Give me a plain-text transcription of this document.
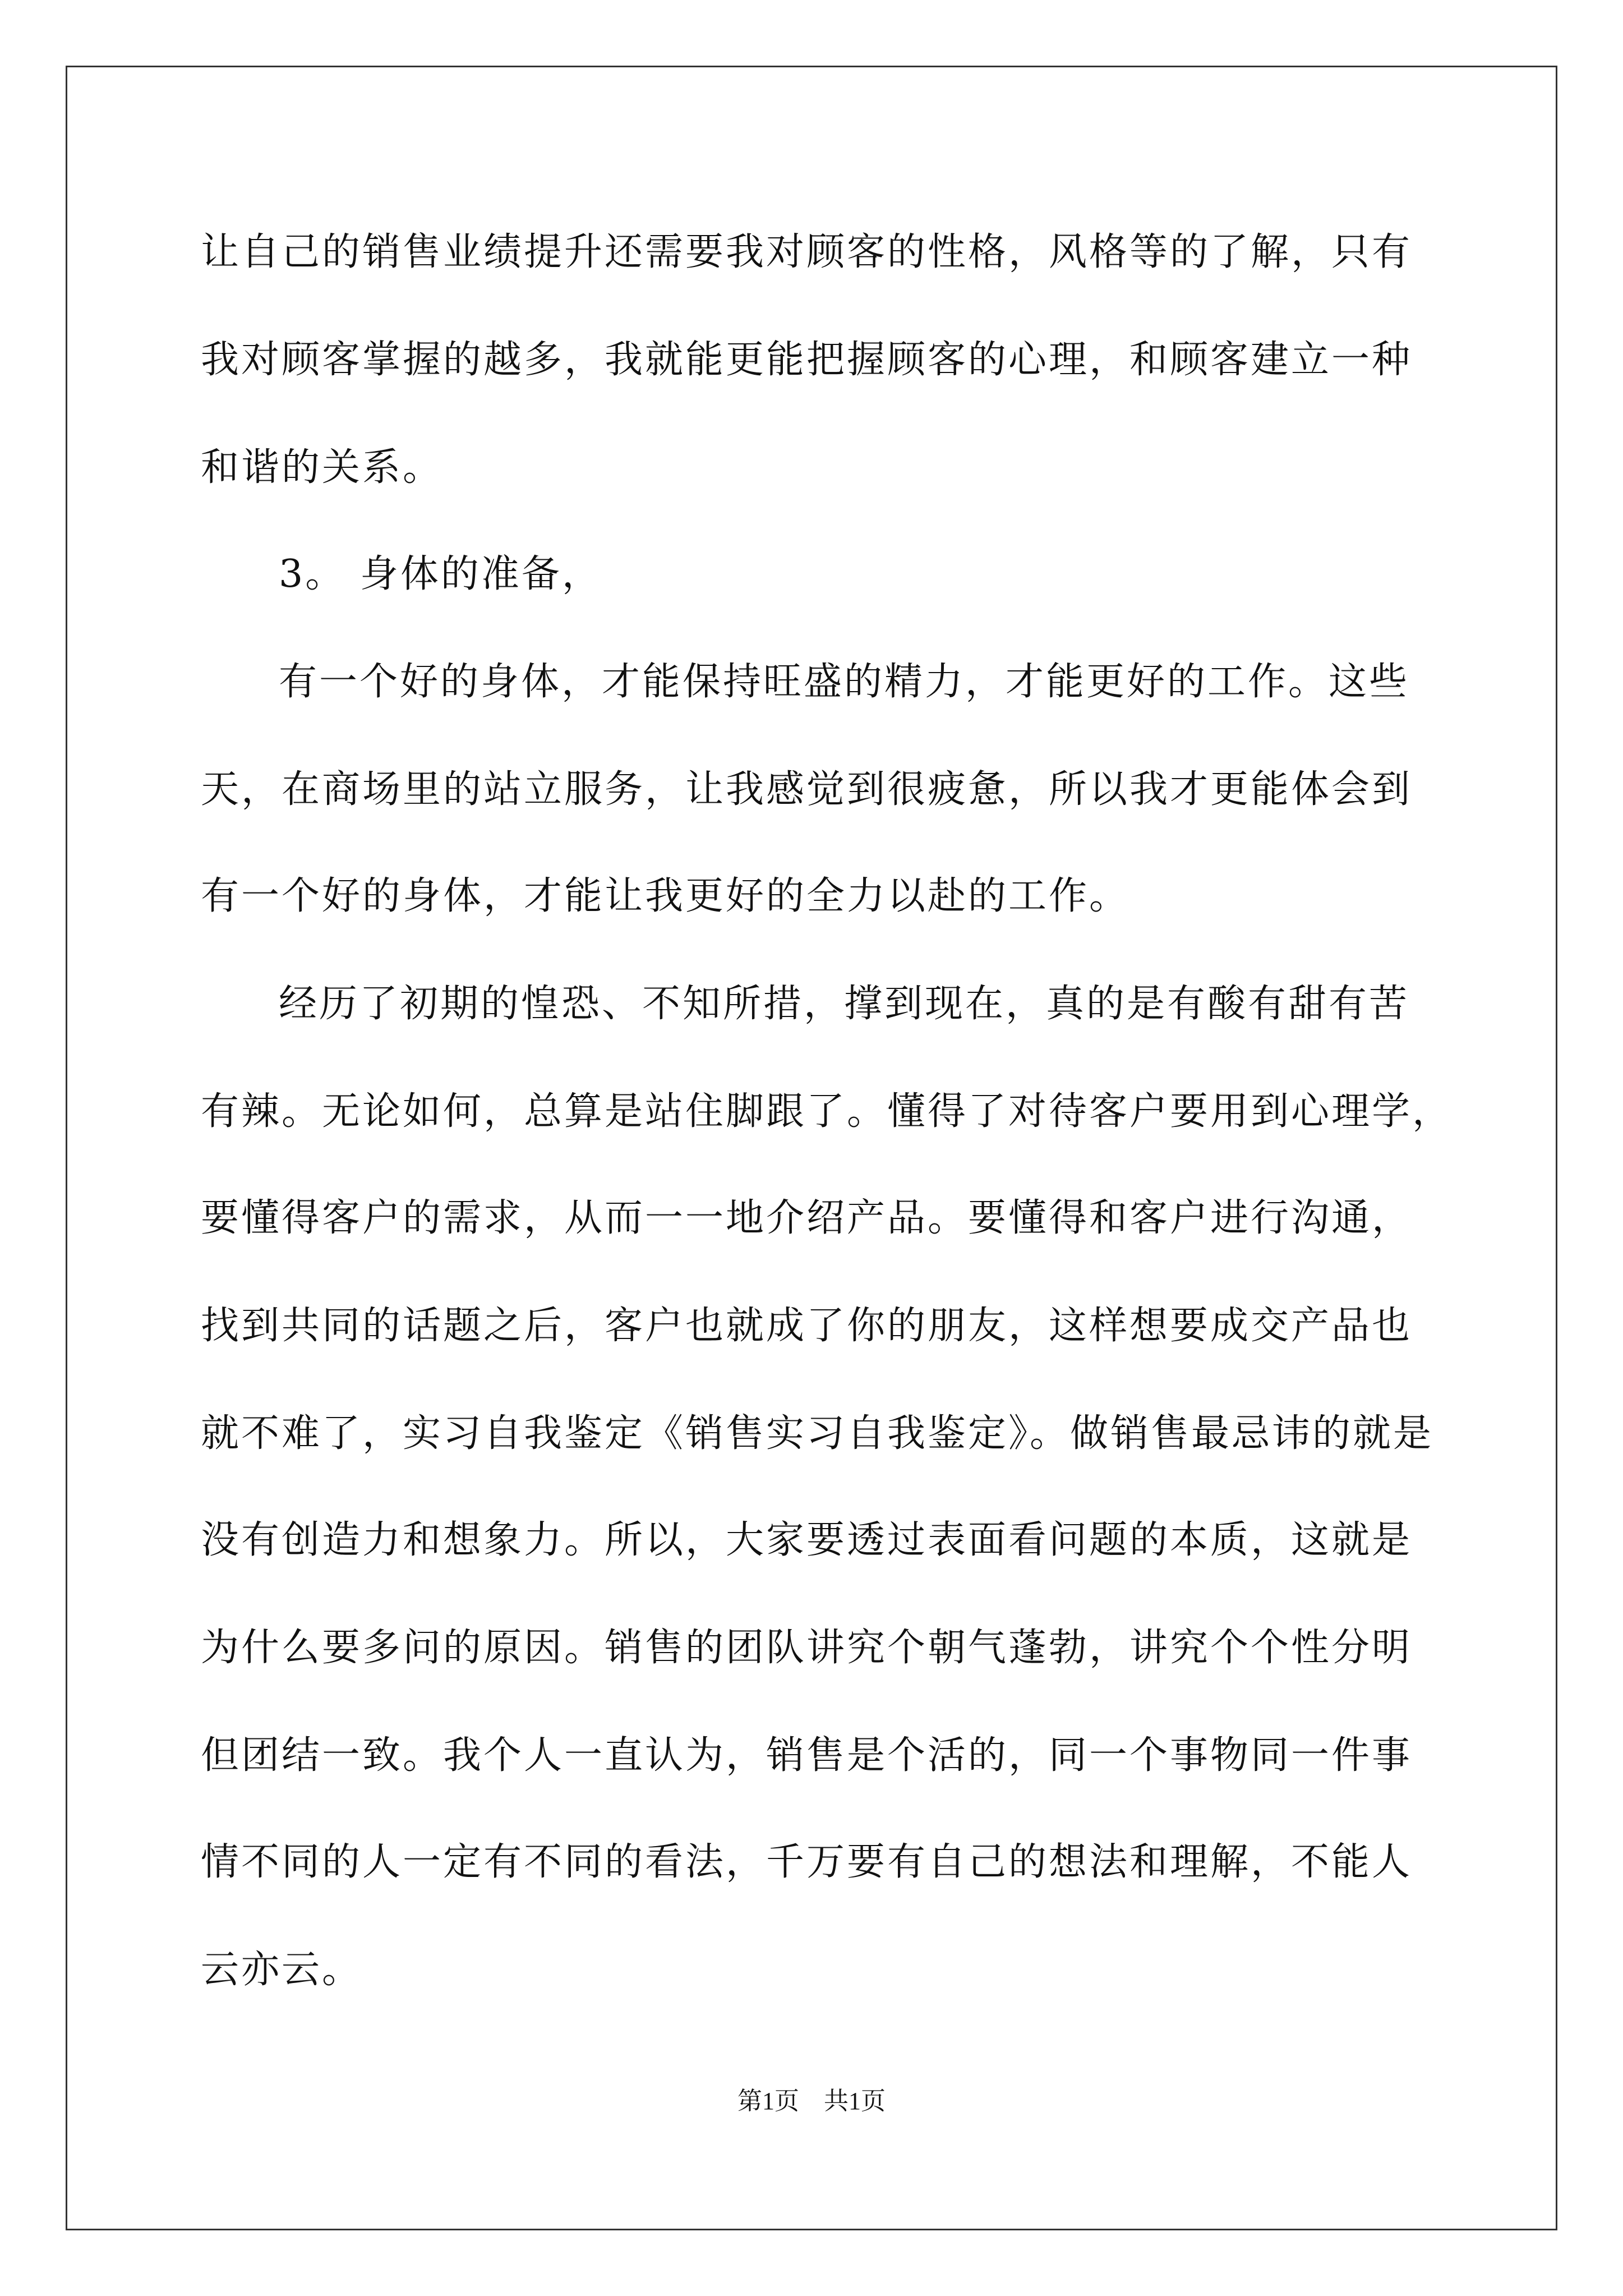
让自己的销售业绩提升还需要我对顾客的性格，风格等的了解，只有
我对顾客掌握的越多，我就能更能把握顾客的心理，和顾客建立一种
和谐的关系。
3。 身体的准备，
有一个好的身体，才能保持旺盛的精力，才能更好的工作。这些
天，在商场里的站立服务，让我感觉到很疲惫，所以我才更能体会到
有一个好的身体，才能让我更好的全力以赴的工作。
经历了初期的惶恐、不知所措，撑到现在，真的是有酸有甜有苦
有辣。无论如何，总算是站住脚跟了。懂得了对待客户要用到心理学，
要懂得客户的需求，从而一一地介绍产品。要懂得和客户进行沟通，
找到共同的话题之后，客户也就成了你的朋友，这样想要成交产品也
就不难了，实习自我鉴定《销售实习自我鉴定》。做销售最忌讳的就是
没有创造力和想象力。所以，大家要透过表面看问题的本质，这就是
为什么要多问的原因。销售的团队讲究个朝气蓬勃，讲究个个性分明
但团结一致。我个人一直认为，销售是个活的，同一个事物同一件事
情不同的人一定有不同的看法，千万要有自己的想法和理解，不能人
云亦云。
第1页　共1页
